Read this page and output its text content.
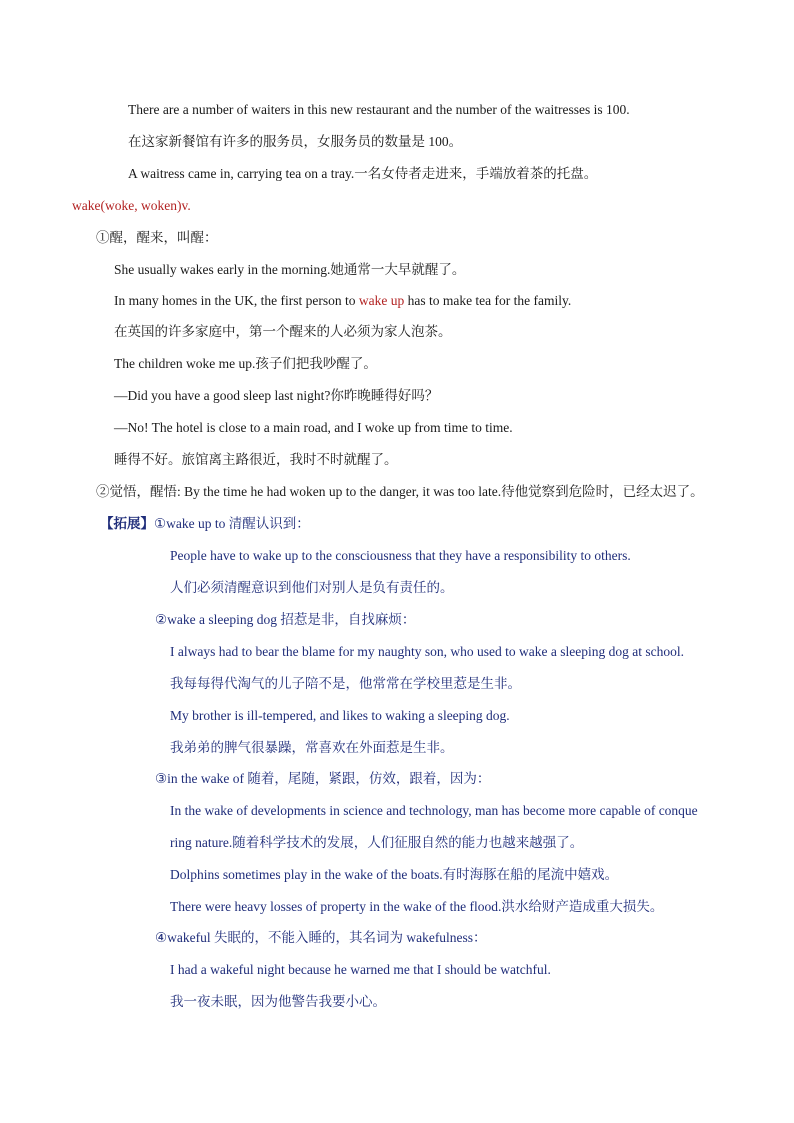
There are a number of waiters in this new restaurant and the number of the waitresses is 100.
在这家新餐馆有许多的服务员，女服务员的数量是 100。
A waitress came in, carrying tea on a tray.一名女侍者走进来，手端放着茶的托盘。
wake(woke, woken)v.
①醒，醒来，叫醒：
She usually wakes early in the morning.她通常一大早就醒了。
In many homes in the UK, the first person to wake up has to make tea for the family.
在英国的许多家庭中，第一个醒来的人必须为家人泡茶。
The children woke me up.孩子们把我吵醒了。
—Did you have a good sleep last night?你昨晚睡得好吗？
—No! The hotel is close to a main road, and I woke up from time to time.
睡得不好。旅馆离主路很近，我时不时就醒了。
②觉悟，醒悟: By the time he had woken up to the danger, it was too late.待他觉察到危险时，已经太迟了。
【拓展】①wake up to 清醒认识到：
People have to wake up to the consciousness that they have a responsibility to others.
人们必须清醒意识到他们对别人是负有责任的。
②wake a sleeping dog 招惹是非，自找麻烦：
I always had to bear the blame for my naughty son, who used to wake a sleeping dog at school.
我每每得代淘气的儿子陪不是，他常常在学校里惹是生非。
My brother is ill-tempered, and likes to waking a sleeping dog.
我弟弟的脾气很暴躁，常喜欢在外面惹是生非。
③in the wake of 随着，尾随，紧跟，仿效，跟着，因为：
In the wake of developments in science and technology, man has become more capable of conque
ring nature.随着科学技术的发展，人们征服自然的能力也越来越强了。
Dolphins sometimes play in the wake of the boats.有时海豚在船的尾流中嬉戏。
There were heavy losses of property in the wake of the flood.洪水给财产造成重大损失。
④wakeful 失眠的，不能入睡的，其名词为 wakefulness：
I had a wakeful night because he warned me that I should be watchful.
我一夜未眠，因为他警告我要小心。
